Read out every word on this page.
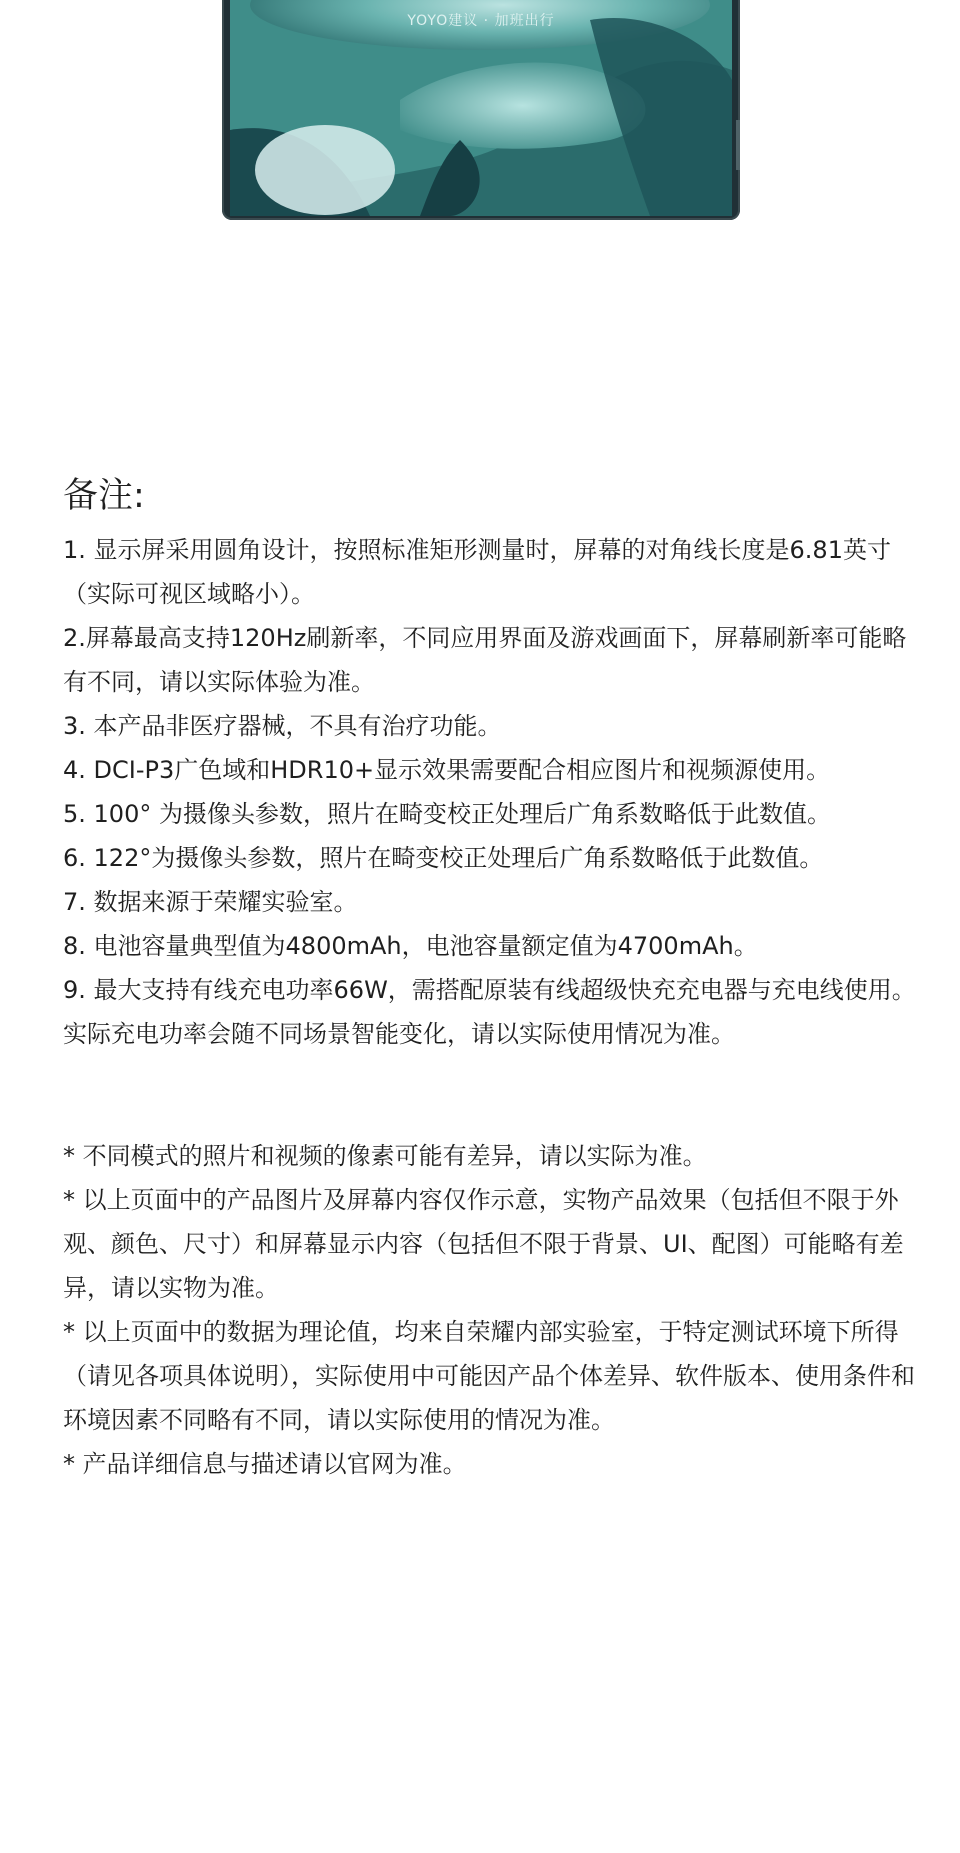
YOYO建议 · 加班出行
备注:

1. 显示屏采用圆角设计，按照标准矩形测量时，屏幕的对角线长度是6.81英寸（实际可视区域略小）。

2.屏幕最高支持120Hz刷新率，不同应用界面及游戏画面下，屏幕刷新率可能略有不同，请以实际体验为准。

3. 本产品非医疗器械，不具有治疗功能。

4. DCI-P3广色域和HDR10+显示效果需要配合相应图片和视频源使用。

5. 100° 为摄像头参数，照片在畸变校正处理后广角系数略低于此数值。

6. 122°为摄像头参数，照片在畸变校正处理后广角系数略低于此数值。

7. 数据来源于荣耀实验室。

8. 电池容量典型值为4800mAh，电池容量额定值为4700mAh。

9. 最大支持有线充电功率66W，需搭配原装有线超级快充充电器与充电线使用。实际充电功率会随不同场景智能变化，请以实际使用情况为准。

* 不同模式的照片和视频的像素可能有差异，请以实际为准。

* 以上页面中的产品图片及屏幕内容仅作示意，实物产品效果（包括但不限于外观、颜色、尺寸）和屏幕显示内容（包括但不限于背景、UI、配图）可能略有差异，请以实物为准。

* 以上页面中的数据为理论值，均来自荣耀内部实验室，于特定测试环境下所得（请见各项具体说明），实际使用中可能因产品个体差异、软件版本、使用条件和环境因素不同略有不同，请以实际使用的情况为准。

* 产品详细信息与描述请以官网为准。
